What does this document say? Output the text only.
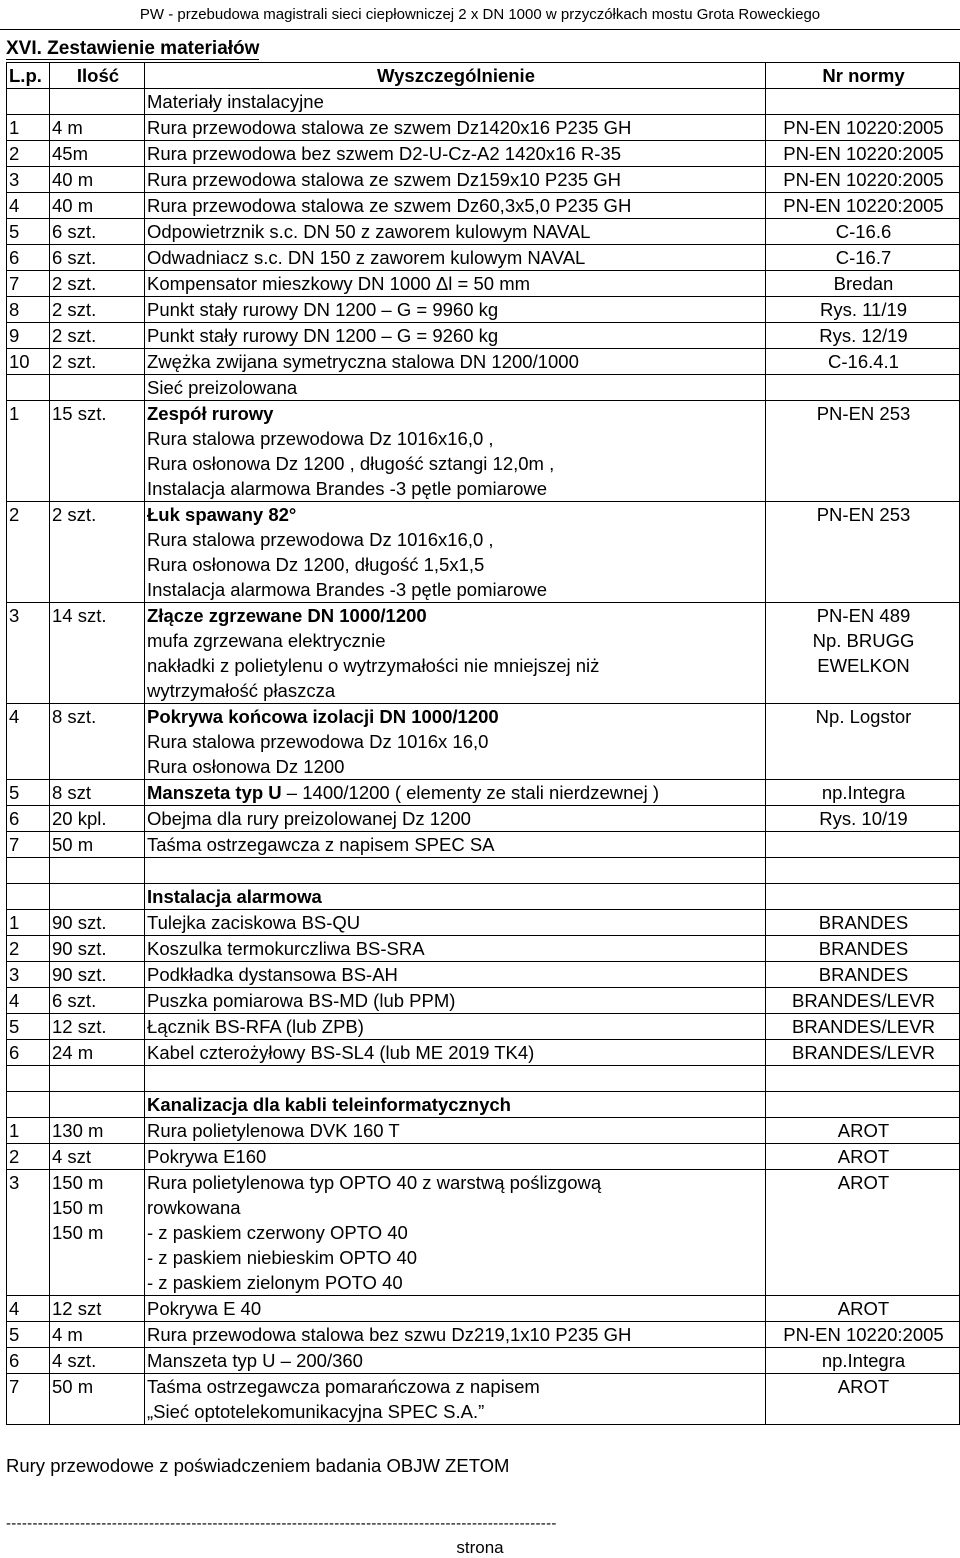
PW - przebudowa magistrali sieci ciepłowniczej 2 x DN 1000 w przyczółkach mostu Grota Roweckiego
XVI. Zestawienie materiałów
L.p.	Ilość	Wyszczególnienie	Nr normy
		Materiały instalacyjne	
1	4 m	Rura przewodowa stalowa ze szwem Dz1420x16 P235 GH	PN-EN 10220:2005

2	45m	Rura przewodowa bez szwem D2-U-Cz-A2 1420x16 R-35	PN-EN 10220:2005

3	40 m	Rura przewodowa stalowa ze szwem Dz159x10 P235 GH	PN-EN 10220:2005

4	40 m	Rura przewodowa stalowa ze szwem Dz60,3x5,0 P235 GH	PN-EN 10220:2005

5	6 szt.	Odpowietrznik s.c. DN 50 z zaworem kulowym NAVAL	C-16.6

6	6 szt.	Odwadniacz s.c. DN 150 z zaworem kulowym NAVAL	C-16.7

7	2 szt.	Kompensator mieszkowy DN 1000 Δl = 50 mm	Bredan

8	2 szt.	Punkt stały rurowy DN 1200 – G = 9960 kg	Rys. 11/19

9	2 szt.	Punkt stały rurowy DN 1200 – G = 9260 kg	Rys. 12/19

10	2 szt.	Zwężka zwijana symetryczna stalowa DN 1200/1000	C-16.4.1

		Sieć preizolowana	
1	15 szt.	Zespół rurowy
Rura stalowa przewodowa Dz 1016x16,0 ,
Rura osłonowa Dz 1200 , długość sztangi 12,0m ,
Instalacja alarmowa Brandes -3 pętle pomiarowe	PN-EN 253

2	2 szt.	Łuk spawany 82°
Rura stalowa przewodowa Dz 1016x16,0 ,
Rura osłonowa Dz 1200, długość 1,5x1,5
Instalacja alarmowa Brandes -3 pętle pomiarowe	PN-EN 253

3	14 szt.	Złącze zgrzewane DN 1000/1200
mufa zgrzewana elektrycznie
nakładki z polietylenu o wytrzymałości nie mniejszej niż
wytrzymałość płaszcza	PN-EN 489
Np. BRUGG
EWELKON

4	8 szt.	Pokrywa końcowa izolacji DN 1000/1200
Rura stalowa przewodowa Dz 1016x 16,0
Rura osłonowa Dz 1200	Np. Logstor

5	8 szt	Manszeta typ U – 1400/1200 ( elementy ze stali nierdzewnej )	np.Integra

6	20 kpl.	Obejma dla rury preizolowanej Dz 1200	Rys. 10/19

7	50 m	Taśma ostrzegawcza z napisem SPEC SA	

		Instalacja alarmowa	
1	90 szt.	Tulejka zaciskowa BS-QU	BRANDES

2	90 szt.	Koszulka termokurczliwa BS-SRA	BRANDES

3	90 szt.	Podkładka dystansowa BS-AH	BRANDES

4	6 szt.	Puszka pomiarowa BS-MD (lub PPM)	BRANDES/LEVR

5	12 szt.	Łącznik BS-RFA (lub ZPB)	BRANDES/LEVR

6	24 m	Kabel czterożyłowy BS-SL4 (lub ME 2019 TK4)	BRANDES/LEVR

		Kanalizacja dla kabli teleinformatycznych	
1	130 m	Rura polietylenowa DVK 160 T	AROT

2	4 szt	Pokrywa E160	AROT

3	150 m
150 m
150 m	Rura polietylenowa typ OPTO 40 z warstwą poślizgową
rowkowana
- z paskiem czerwony OPTO 40
- z paskiem niebieskim OPTO 40
- z paskiem zielonym POTO 40	AROT

4	12 szt	Pokrywa E 40	AROT

5	4 m	Rura przewodowa stalowa bez szwu Dz219,1x10 P235 GH	PN-EN 10220:2005

6	4 szt.	Manszeta typ U – 200/360	np.Integra

7	50 m	Taśma ostrzegawcza pomarańczowa z napisem
„Sieć optotelekomunikacyjna SPEC S.A.”	AROT
Rury przewodowe z poświadczeniem badania OBJW ZETOM
--------------------------------------------------------------------------------------------------------
strona
